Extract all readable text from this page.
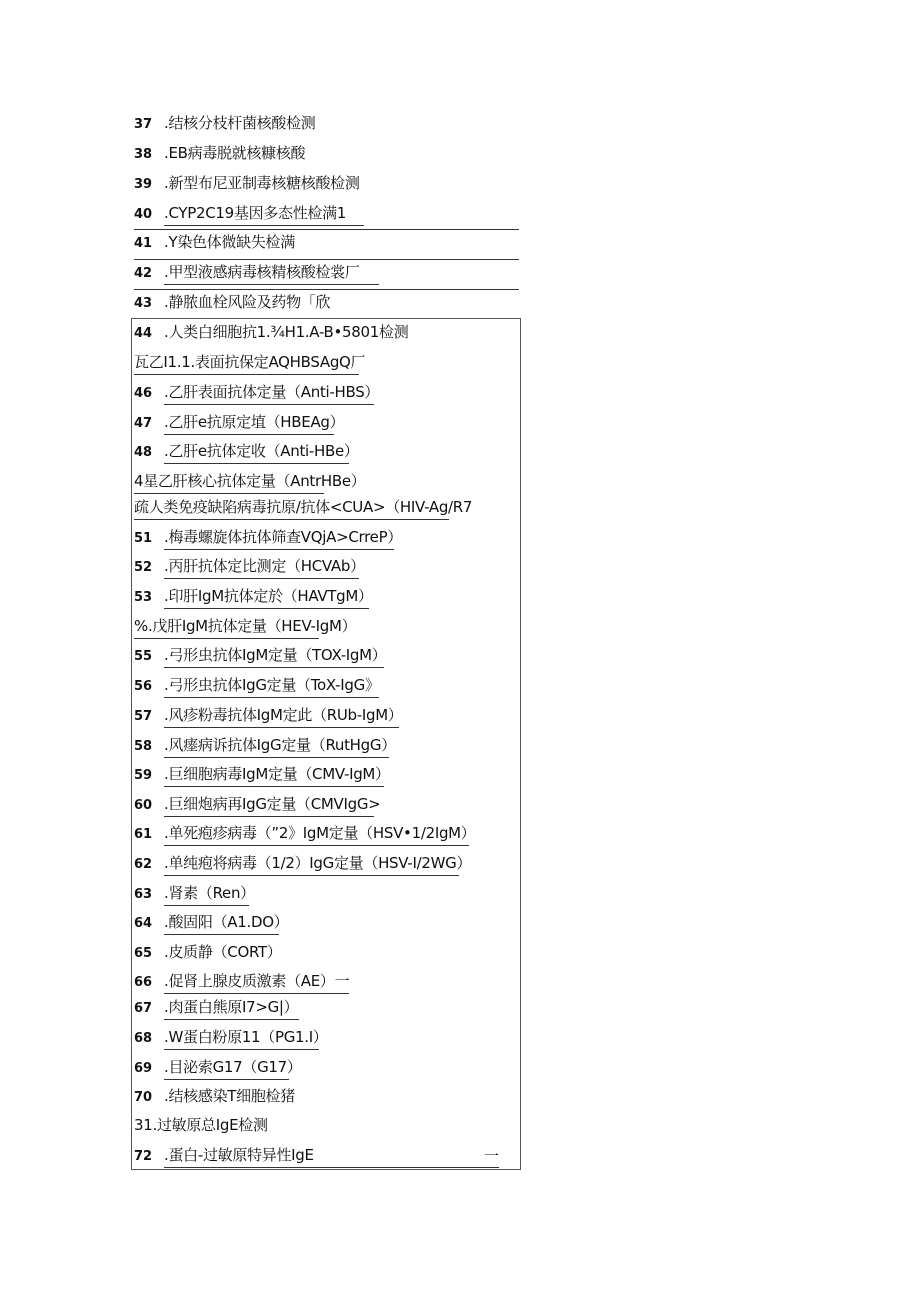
37 .结核分枝杆菌核酸检测
38 .EB病毒脱就核糠核酸
39 .新型布尼亚制毒核糖核酸检测
40 .CYP2C19基因多态性检满1
41 .Y染色体微缺失检满
42 .甲型液感病毒核精核酸检裳厂
43 .静脓血栓风险及药物「欣
44 .人类白细胞抗1.¾H1.A-B•5801检测
瓦乙I1.1.表面抗保定AQHBSAgQ厂
46 .乙肝表面抗体定量（Anti-HBS）
47 .乙肝e抗原定埴（HBEAg）
48 .乙肝e抗体定收（Anti-HBe）
4星乙肝核心抗体定量（AntrHBe）
疏人类免疫缺陷病毒抗原/抗体<CUA>（HIV-Ag/R7
51 .梅毒螺旋体抗体筛查VQjA>CrreP）
52 .丙肝抗体定比测定（HCVAb）
53 .印肝IgM抗体定於（HAVTgM）
%.戊肝IgM抗体定量（HEV-IgM）
55 .弓形虫抗体IgM定量（TOX-IgM）
56 .弓形虫抗体IgG定量（ToX-IgG》
57 .风疹粉毒抗体IgM定此（RUb-IgM）
58 .风瘗病诉抗体IgG定量（RutHgG）
59 .巨细胞病毒IgM定量（CMV-IgM）
60 .巨细炮病再IgG定量（CMVIgG>
61 .单死疱疹病毒（”2》IgM定量（HSV•1/2IgM）
62 .单纯疱将病毒（1/2）IgG定量（HSV-I/2WG）
63 .肾素（Ren）
64 .酸固阳（A1.DO）
65 .皮质静（CORT）
66 .促肾上腺皮质激素（AE）一
67 .肉蛋白熊原I7>G|）
68 .W蛋白粉原11（PG1.I）
69 .目泌索G17（G17）
70 .结核感染T细胞检猪
31.过敏原总IgE检测
72 .蛋白-过敏原特异性IgE	一
